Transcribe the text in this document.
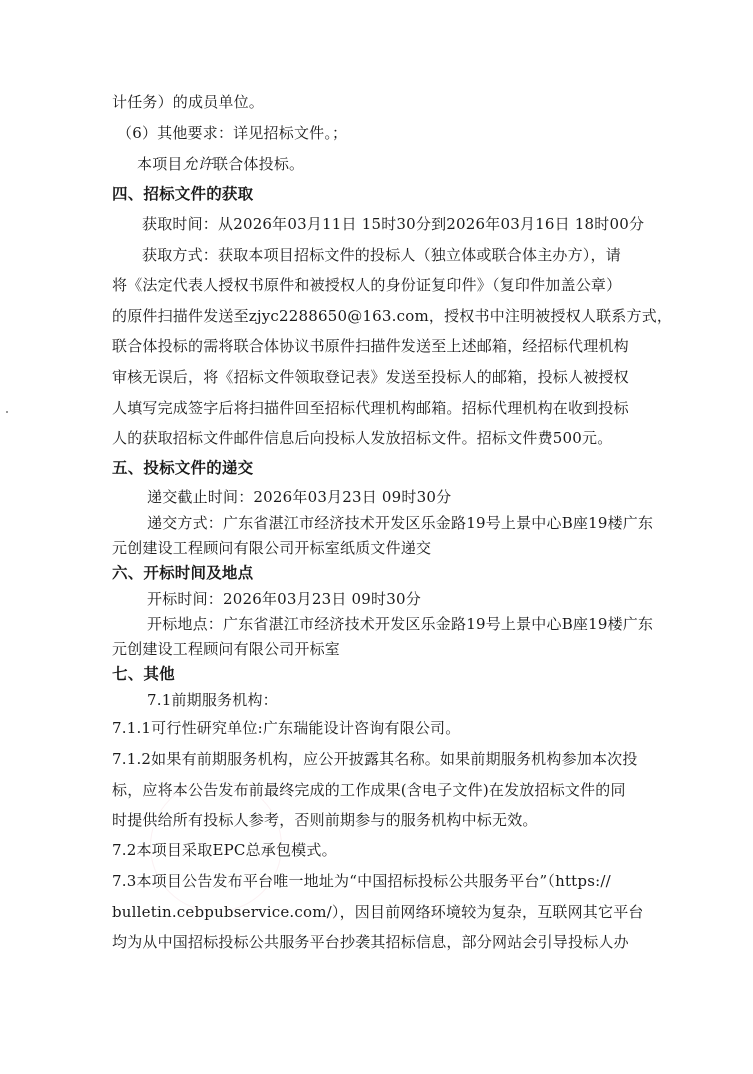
计任务）的成员单位。
（6）其他要求：详见招标文件。；
本项目允许联合体投标。
四、招标文件的获取
获取时间：从2026年03月11日 15时30分到2026年03月16日 18时00分
获取方式：获取本项目招标文件的投标人（独立体或联合体主办方），请
将《法定代表人授权书原件和被授权人的身份证复印件》（复印件加盖公章）
的原件扫描件发送至zjyc2288650@163.com，授权书中注明被授权人联系方式，
联合体投标的需将联合体协议书原件扫描件发送至上述邮箱，经招标代理机构
审核无误后，将《招标文件领取登记表》发送至投标人的邮箱，投标人被授权
人填写完成签字后将扫描件回至招标代理机构邮箱。招标代理机构在收到投标
人的获取招标文件邮件信息后向投标人发放招标文件。招标文件费500元。
五、投标文件的递交
递交截止时间：2026年03月23日 09时30分
递交方式：广东省湛江市经济技术开发区乐金路19号上景中心B座19楼广东
元创建设工程顾问有限公司开标室纸质文件递交
六、开标时间及地点
开标时间：2026年03月23日 09时30分
开标地点：广东省湛江市经济技术开发区乐金路19号上景中心B座19楼广东
元创建设工程顾问有限公司开标室
七、其他
7.1前期服务机构：
7.1.1可行性研究单位:广东瑞能设计咨询有限公司。
7.1.2如果有前期服务机构，应公开披露其名称。如果前期服务机构参加本次投
标，应将本公告发布前最终完成的工作成果(含电子文件)在发放招标文件的同
时提供给所有投标人参考，否则前期参与的服务机构中标无效。
7.2本项目采取EPC总承包模式。
7.3本项目公告发布平台唯一地址为“中国招标投标公共服务平台”（https://
bulletin.cebpubservice.com/），因目前网络环境较为复杂，互联网其它平台
均为从中国招标投标公共服务平台抄袭其招标信息，部分网站会引导投标人办
